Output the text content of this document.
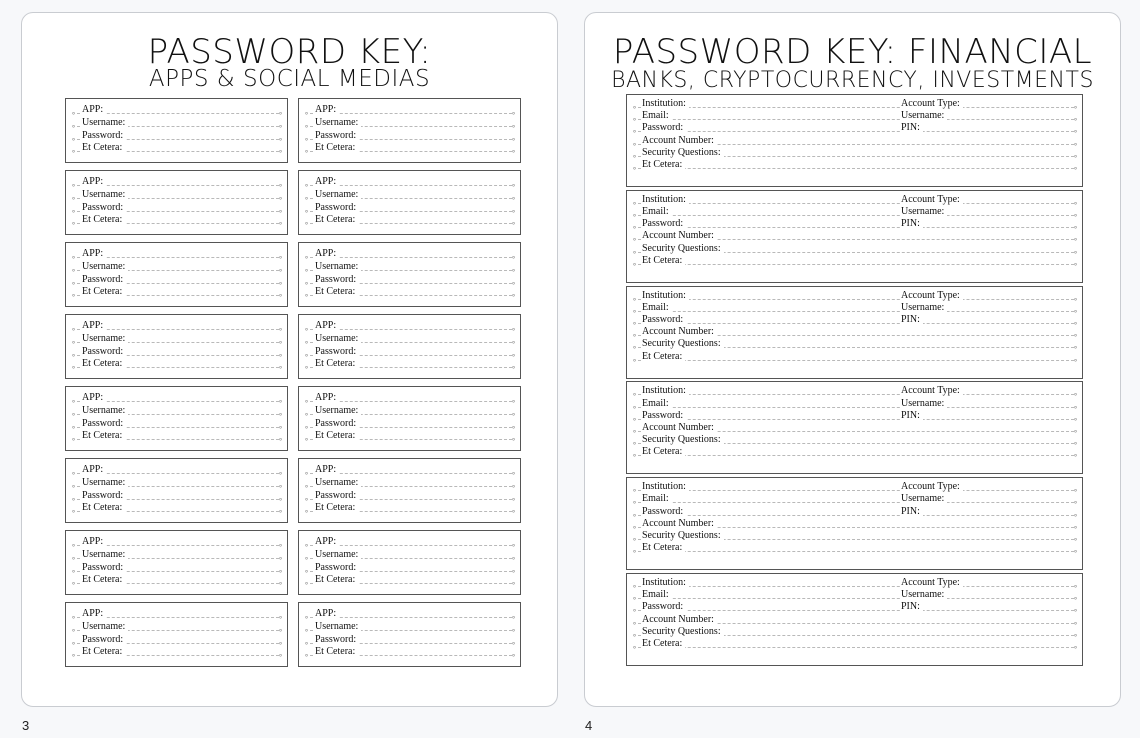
PASSWORD KEY:
APPS & SOCIAL MEDIAS
∘ APP:	∘
∘ Username:	∘
∘ Password:	∘
∘ Et Cetera:	∘
∘ APP:	∘
∘ Username:	∘
∘ Password:	∘
∘ Et Cetera:	∘
∘ APP:	∘
∘ Username:	∘
∘ Password:	∘
∘ Et Cetera:	∘
∘ APP:	∘
∘ Username:	∘
∘ Password:	∘
∘ Et Cetera:	∘
∘ APP:	∘
∘ Username:	∘
∘ Password:	∘
∘ Et Cetera:	∘
∘ APP:	∘
∘ Username:	∘
∘ Password:	∘
∘ Et Cetera:	∘
∘ APP:	∘
∘ Username:	∘
∘ Password:	∘
∘ Et Cetera:	∘
∘ APP:	∘
∘ Username:	∘
∘ Password:	∘
∘ Et Cetera:	∘
∘ APP:	∘
∘ Username:	∘
∘ Password:	∘
∘ Et Cetera:	∘
∘ APP:	∘
∘ Username:	∘
∘ Password:	∘
∘ Et Cetera:	∘
∘ APP:	∘
∘ Username:	∘
∘ Password:	∘
∘ Et Cetera:	∘
∘ APP:	∘
∘ Username:	∘
∘ Password:	∘
∘ Et Cetera:	∘
∘ APP:	∘
∘ Username:	∘
∘ Password:	∘
∘ Et Cetera:	∘
∘ APP:	∘
∘ Username:	∘
∘ Password:	∘
∘ Et Cetera:	∘
∘ APP:	∘
∘ Username:	∘
∘ Password:	∘
∘ Et Cetera:	∘
∘ APP:	∘
∘ Username:	∘
∘ Password:	∘
∘ Et Cetera:	∘
3
PASSWORD KEY: FINANCIAL
BANKS, CRYPTOCURRENCY, INVESTMENTS
∘ Institution:	Account Type:	∘
∘ Email:	Username:	∘
∘ Password:	PIN:	∘
∘ Account Number:	∘
∘ Security Questions:	∘
∘ Et Cetera:	∘
∘ Institution:	Account Type:	∘
∘ Email:	Username:	∘
∘ Password:	PIN:	∘
∘ Account Number:	∘
∘ Security Questions:	∘
∘ Et Cetera:	∘
∘ Institution:	Account Type:	∘
∘ Email:	Username:	∘
∘ Password:	PIN:	∘
∘ Account Number:	∘
∘ Security Questions:	∘
∘ Et Cetera:	∘
∘ Institution:	Account Type:	∘
∘ Email:	Username:	∘
∘ Password:	PIN:	∘
∘ Account Number:	∘
∘ Security Questions:	∘
∘ Et Cetera:	∘
∘ Institution:	Account Type:	∘
∘ Email:	Username:	∘
∘ Password:	PIN:	∘
∘ Account Number:	∘
∘ Security Questions:	∘
∘ Et Cetera:	∘
∘ Institution:	Account Type:	∘
∘ Email:	Username:	∘
∘ Password:	PIN:	∘
∘ Account Number:	∘
∘ Security Questions:	∘
∘ Et Cetera:	∘
4
